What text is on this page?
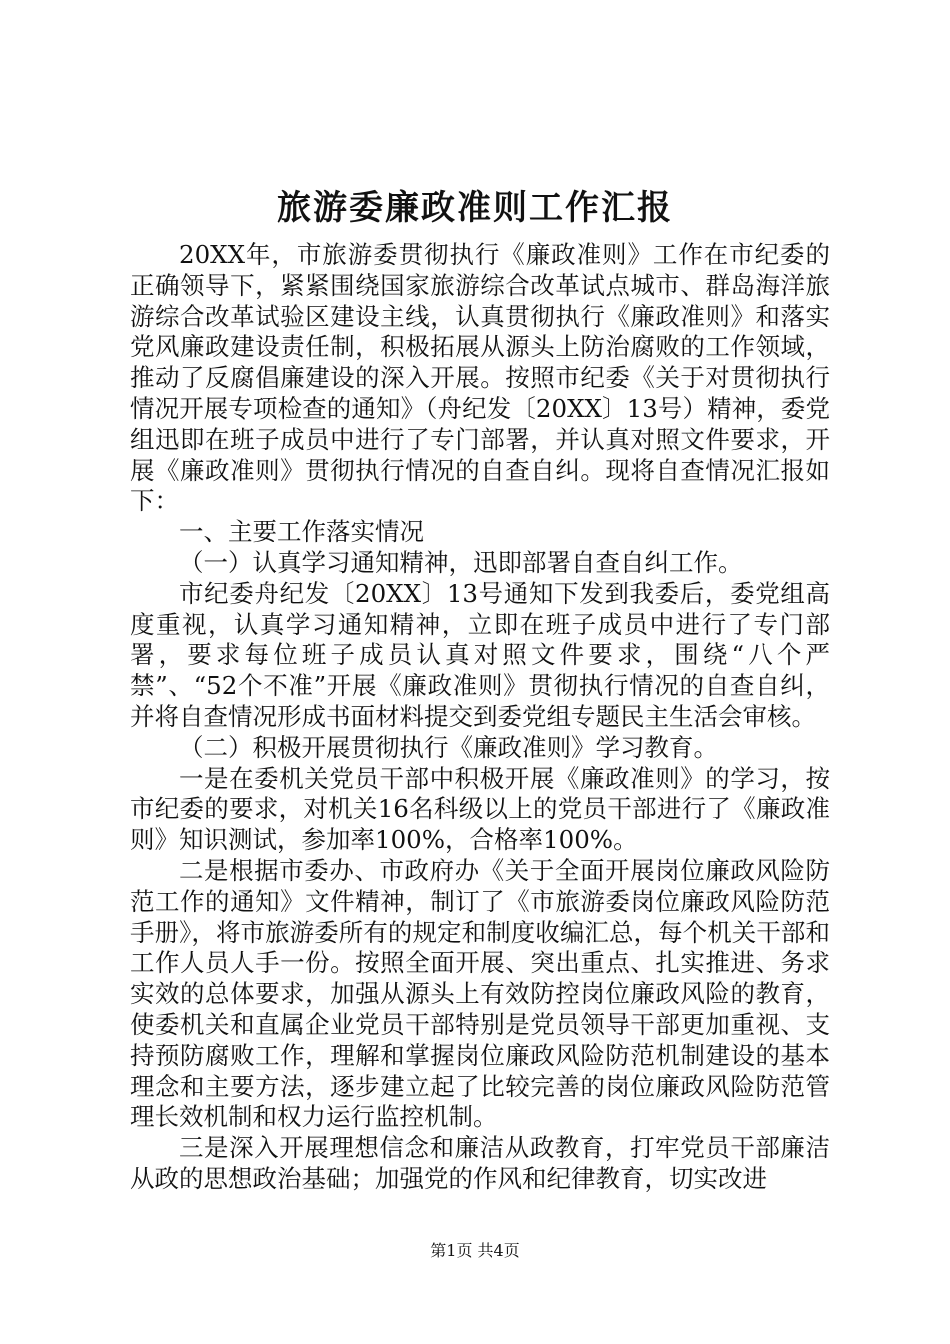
旅游委廉政准则工作汇报

20XX年，市旅游委贯彻执行《廉政准则》工作在市纪委的正确领导下，紧紧围绕国家旅游综合改革试点城市、群岛海洋旅游综合改革试验区建设主线，认真贯彻执行《廉政准则》和落实党风廉政建设责任制，积极拓展从源头上防治腐败的工作领域，推动了反腐倡廉建设的深入开展。按照市纪委《关于对贯彻执行情况开展专项检查的通知》（舟纪发〔20XX〕13号）精神，委党组迅即在班子成员中进行了专门部署，并认真对照文件要求，开展《廉政准则》贯彻执行情况的自查自纠。现将自查情况汇报如下：

一、主要工作落实情况

（一）认真学习通知精神，迅即部署自查自纠工作。

市纪委舟纪发〔20XX〕13号通知下发到我委后，委党组高度重视，认真学习通知精神，立即在班子成员中进行了专门部署，要求每位班子成员认真对照文件要求，围绕“八个严禁”、“52个不准”开展《廉政准则》贯彻执行情况的自查自纠，并将自查情况形成书面材料提交到委党组专题民主生活会审核。

（二）积极开展贯彻执行《廉政准则》学习教育。

一是在委机关党员干部中积极开展《廉政准则》的学习，按市纪委的要求，对机关16名科级以上的党员干部进行了《廉政准则》知识测试，参加率100%，合格率100%。

二是根据市委办、市政府办《关于全面开展岗位廉政风险防范工作的通知》文件精神，制订了《市旅游委岗位廉政风险防范手册》，将市旅游委所有的规定和制度收编汇总，每个机关干部和工作人员人手一份。按照全面开展、突出重点、扎实推进、务求实效的总体要求，加强从源头上有效防控岗位廉政风险的教育，使委机关和直属企业党员干部特别是党员领导干部更加重视、支持预防腐败工作，理解和掌握岗位廉政风险防范机制建设的基本理念和主要方法，逐步建立起了比较完善的岗位廉政风险防范管理长效机制和权力运行监控机制。

三是深入开展理想信念和廉洁从政教育，打牢党员干部廉洁从政的思想政治基础；加强党的作风和纪律教育，切实改进

第1页 共4页
